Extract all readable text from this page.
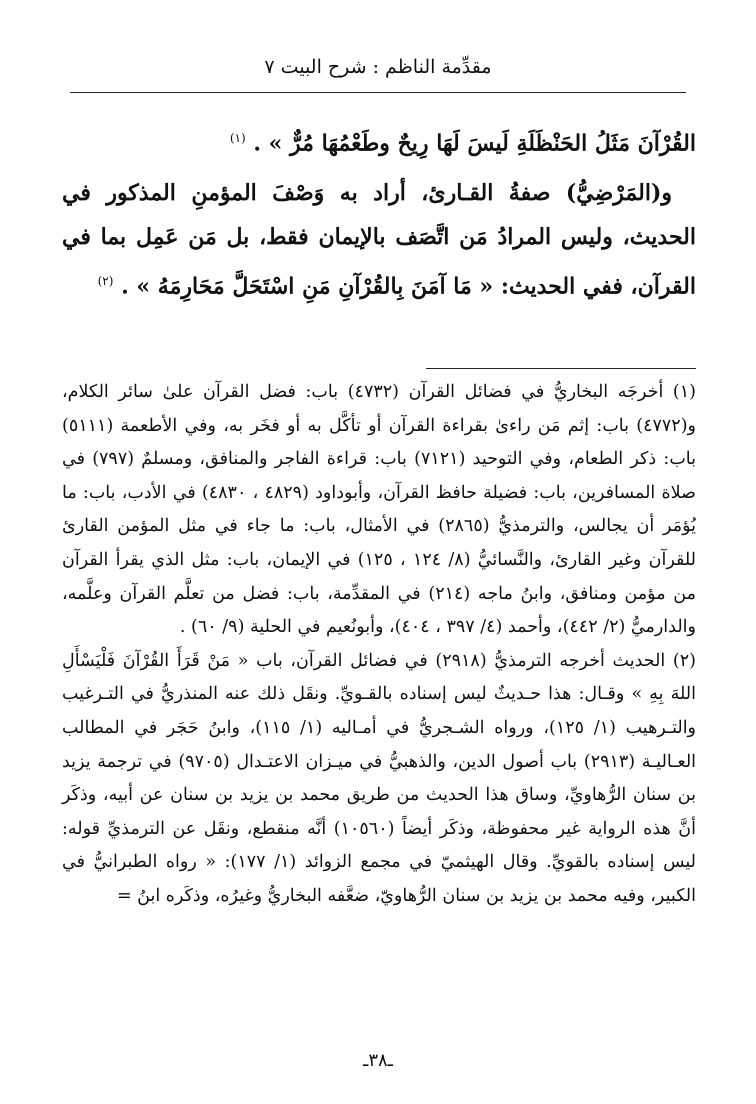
مقدِّمة الناظم : شرح البيت ٧

القُرْآنَ مَثَلُ الحَنْظَلَةِ لَيسَ لَهَا رِيحٌ وطَعْمُهَا مُرٌّ » . $^{(١)}$

و(المَرْضِيُّ) صفةُ القـارئ، أراد به وَصْفَ المؤمنِ المذكور في الحديث، وليس المرادُ مَن اتَّصَف بالإيمان فقط، بل مَن عَمِل بما في القرآن، ففي الحديث: « مَا آمَنَ بِالقُرْآنِ مَنِ اسْتَحَلَّ مَحَارِمَهُ » . $^{(٢)}$

(١) أخرجَه البخاريُّ في فضائل القرآن (٤٧٣٢) باب: فضل القرآن علىٰ سائر الكلام، و(٤٧٧٢) باب: إثم مَن راءىٰ بقراءة القرآن أو تأكَّل به أو فخَر به، وفي الأطعمة (٥١١١) باب: ذكر الطعام، وفي التوحيد (٧١٢١) باب: قراءة الفاجر والمنافق، ومسلمٌ (٧٩٧) في صلاة المسافرين، باب: فضيلة حافظ القرآن، وأبوداود (٤٨٢٩ ، ٤٨٣٠) في الأدب، باب: ما يُؤمَر أن يجالس، والترمذيُّ (٢٨٦٥) في الأمثال، باب: ما جاء في مثل المؤمن القارئ للقرآن وغير القارئ، والنَّسائيُّ (٨/ ١٢٤ ، ١٢٥) في الإيمان، باب: مثل الذي يقرأ القرآن من مؤمن ومنافق، وابنُ ماجه (٢١٤) في المقدِّمة، باب: فضل من تعلَّم القرآن وعلَّمه، والدارميُّ (٢/ ٤٤٢)، وأحمد (٤/ ٣٩٧ ، ٤٠٤)، وأبونُعيم في الحلية (٩/ ٦٠) .

(٢) الحديث أخرجه الترمذيُّ (٢٩١٨) في فضائل القرآن، باب « مَنْ قَرَأَ القُرْآنَ فَلْيَسْأَلِ اللهَ بِهِ » وقـال: هذا حـديثٌ ليس إسناده بالقـويِّ. ونقَل ذلك عنه المنذريُّ في التـرغيب والتـرهيب (١/ ١٢٥)، ورواه الشـجريُّ في أمـاليه (١/ ١١٥)، وابنُ حَجَر في المطالب العـاليـة (٢٩١٣) باب أصول الدين، والذهبيُّ في ميـزان الاعتـدال (٩٧٠٥) في ترجمة يزيد بن سنان الرُّهاويِّ، وساق هذا الحديث من طريق محمد بن يزيد بن سنان عن أبيه، وذكَر أنَّ هذه الرواية غير محفوظة، وذكَر أيضاً (١٠٥٦٠) أنَّه منقطع، ونقَل عن الترمذيِّ قوله: ليس إسناده بالقويِّ. وقال الهيثميّ في مجمع الزوائد (١/ ١٧٧): « رواه الطبرانيُّ في الكبير، وفيه محمد بن يزيد بن سنان الرُّهاويّ، ضعَّفه البخاريُّ وغيرُه، وذكَره ابنُ =

ـ٣٨ـ
